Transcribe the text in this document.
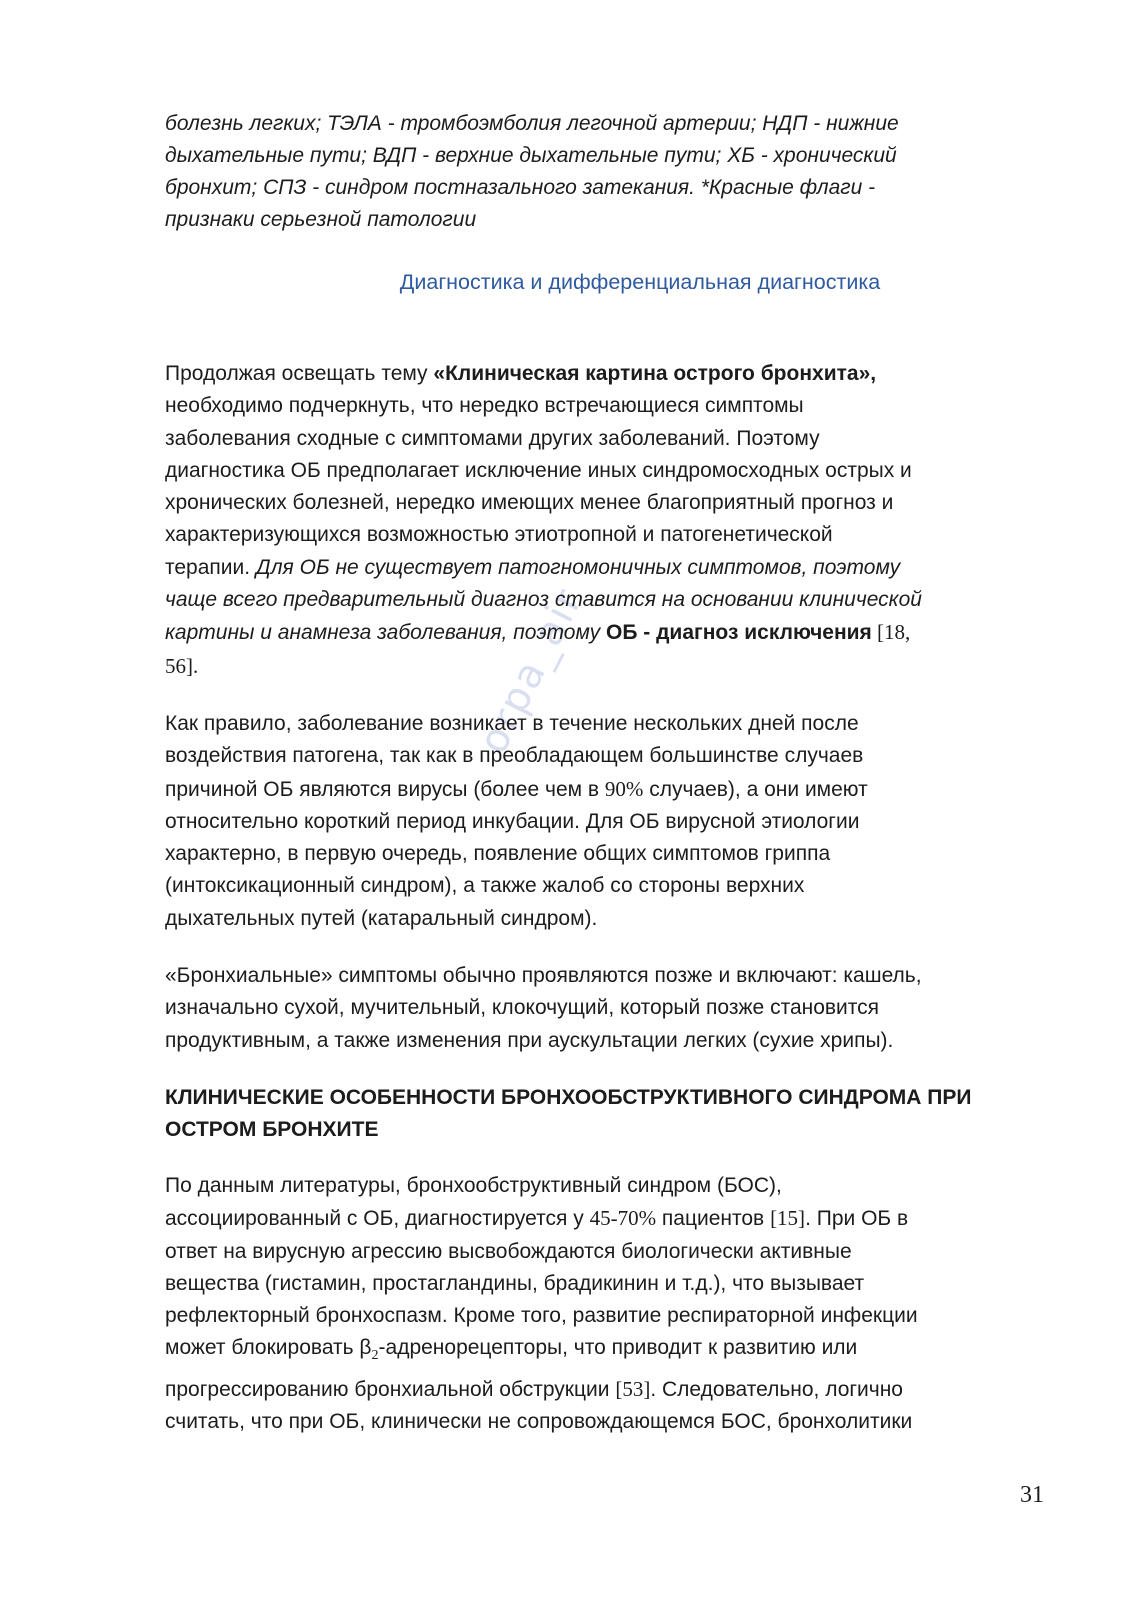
orpa_air
болезнь легких; ТЭЛА - тромбоэмболия легочной артерии; НДП - нижние
дыхательные пути; ВДП - верхние дыхательные пути; ХБ - хронический
бронхит; СПЗ - синдром постназального затекания. *Красные флаги -
признаки серьезной патологии
Диагностика и дифференциальная диагностика
Продолжая освещать тему «Клиническая картина острого бронхита»,
необходимо подчеркнуть, что нередко встречающиеся симптомы
заболевания сходные с симптомами других заболеваний. Поэтому
диагностика ОБ предполагает исключение иных синдромосходных острых и
хронических болезней, нередко имеющих менее благоприятный прогноз и
характеризующихся возможностью этиотропной и патогенетической
терапии. Для ОБ не существует патогномоничных симптомов, поэтому
чаще всего предварительный диагноз ставится на основании клинической
картины и анамнеза заболевания, поэтому ОБ - диагноз исключения [18,
56].
Как правило, заболевание возникает в течение нескольких дней после
воздействия патогена, так как в преобладающем большинстве случаев
причиной ОБ являются вирусы (более чем в 90% случаев), а они имеют
относительно короткий период инкубации. Для ОБ вирусной этиологии
характерно, в первую очередь, появление общих симптомов гриппа
(интоксикационный синдром), а также жалоб со стороны верхних
дыхательных путей (катаральный синдром).
«Бронхиальные» симптомы обычно проявляются позже и включают: кашель,
изначально сухой, мучительный, клокочущий, который позже становится
продуктивным, а также изменения при аускультации легких (сухие хрипы).
КЛИНИЧЕСКИЕ ОСОБЕННОСТИ БРОНХООБСТРУКТИВНОГО СИНДРОМА ПРИ
ОСТРОМ БРОНХИТЕ
По данным литературы, бронхообструктивный синдром (БОС),
ассоциированный с ОБ, диагностируется у 45-70% пациентов [15]. При ОБ в
ответ на вирусную агрессию высвобождаются биологически активные
вещества (гистамин, простагландины, брадикинин и т.д.), что вызывает
рефлекторный бронхоспазм. Кроме того, развитие респираторной инфекции
может блокировать $\beta_2$-адренорецепторы, что приводит к развитию или
прогрессированию бронхиальной обструкции [53]. Следовательно, логично
считать, что при ОБ, клинически не сопровождающемся БОС, бронхолитики
31
